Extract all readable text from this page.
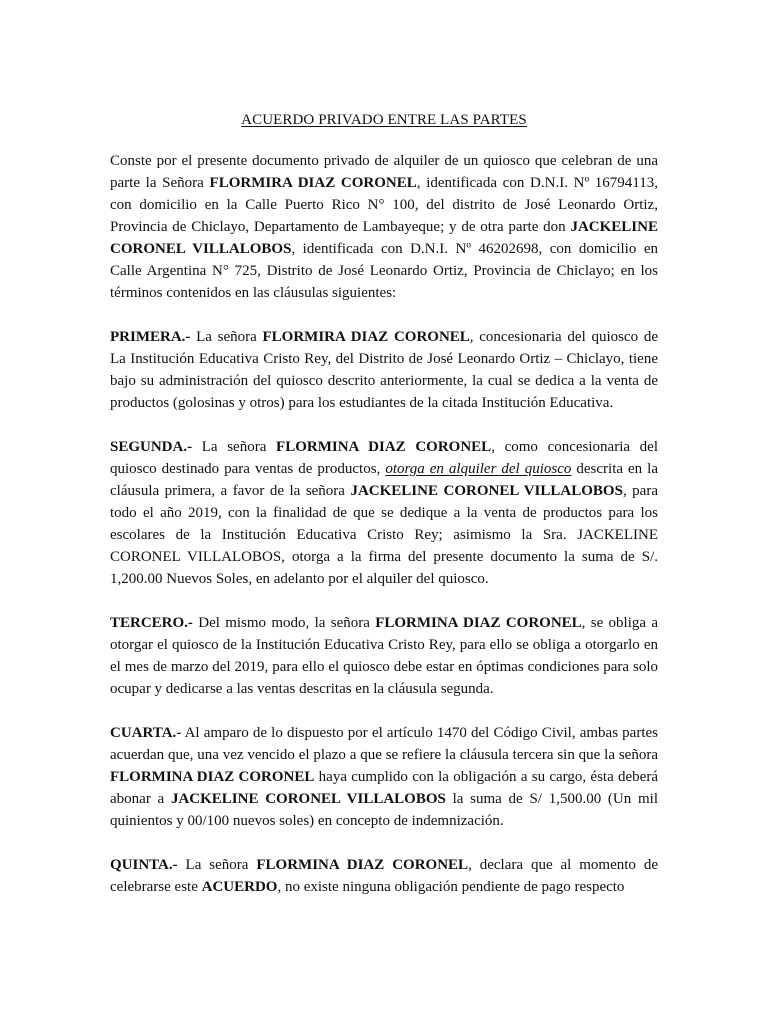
ACUERDO PRIVADO ENTRE LAS PARTES

Conste por el presente documento privado de alquiler de un quiosco que celebran de una parte la Señora FLORMIRA DIAZ CORONEL, identificada con D.N.I. Nº 16794113, con domicilio en la Calle Puerto Rico N° 100, del distrito de José Leonardo Ortiz, Provincia de Chiclayo, Departamento de Lambayeque; y de otra parte don JACKELINE CORONEL VILLALOBOS, identificada con D.N.I. Nº 46202698, con domicilio en Calle Argentina N° 725, Distrito de José Leonardo Ortiz, Provincia de Chiclayo; en los términos contenidos en las cláusulas siguientes:

PRIMERA.- La señora FLORMIRA DIAZ CORONEL, concesionaria del quiosco de La Institución Educativa Cristo Rey, del Distrito de José Leonardo Ortiz – Chiclayo, tiene bajo su administración del quiosco descrito anteriormente, la cual se dedica a la venta de productos (golosinas y otros) para los estudiantes de la citada Institución Educativa.

SEGUNDA.- La señora FLORMINA DIAZ CORONEL, como concesionaria del quiosco destinado para ventas de productos, otorga en alquiler del quiosco descrita en la cláusula primera, a favor de la señora JACKELINE CORONEL VILLALOBOS, para todo el año 2019, con la finalidad de que se dedique a la venta de productos para los escolares de la Institución Educativa Cristo Rey; asimismo la Sra. JACKELINE CORONEL VILLALOBOS, otorga a la firma del presente documento la suma de S/. 1,200.00 Nuevos Soles, en adelanto por el alquiler del quiosco.

TERCERO.- Del mismo modo, la señora FLORMINA DIAZ CORONEL, se obliga a otorgar el quiosco de la Institución Educativa Cristo Rey, para ello se obliga a otorgarlo en el mes de marzo del 2019, para ello el quiosco debe estar en óptimas condiciones para solo ocupar y dedicarse a las ventas descritas en la cláusula segunda.

CUARTA.- Al amparo de lo dispuesto por el artículo 1470 del Código Civil, ambas partes acuerdan que, una vez vencido el plazo a que se refiere la cláusula tercera sin que la señora FLORMINA DIAZ CORONEL haya cumplido con la obligación a su cargo, ésta deberá abonar a JACKELINE CORONEL VILLALOBOS la suma de S/ 1,500.00 (Un mil quinientos y 00/100 nuevos soles) en concepto de indemnización.

QUINTA.- La señora FLORMINA DIAZ CORONEL, declara que al momento de celebrarse este ACUERDO, no existe ninguna obligación pendiente de pago respecto
